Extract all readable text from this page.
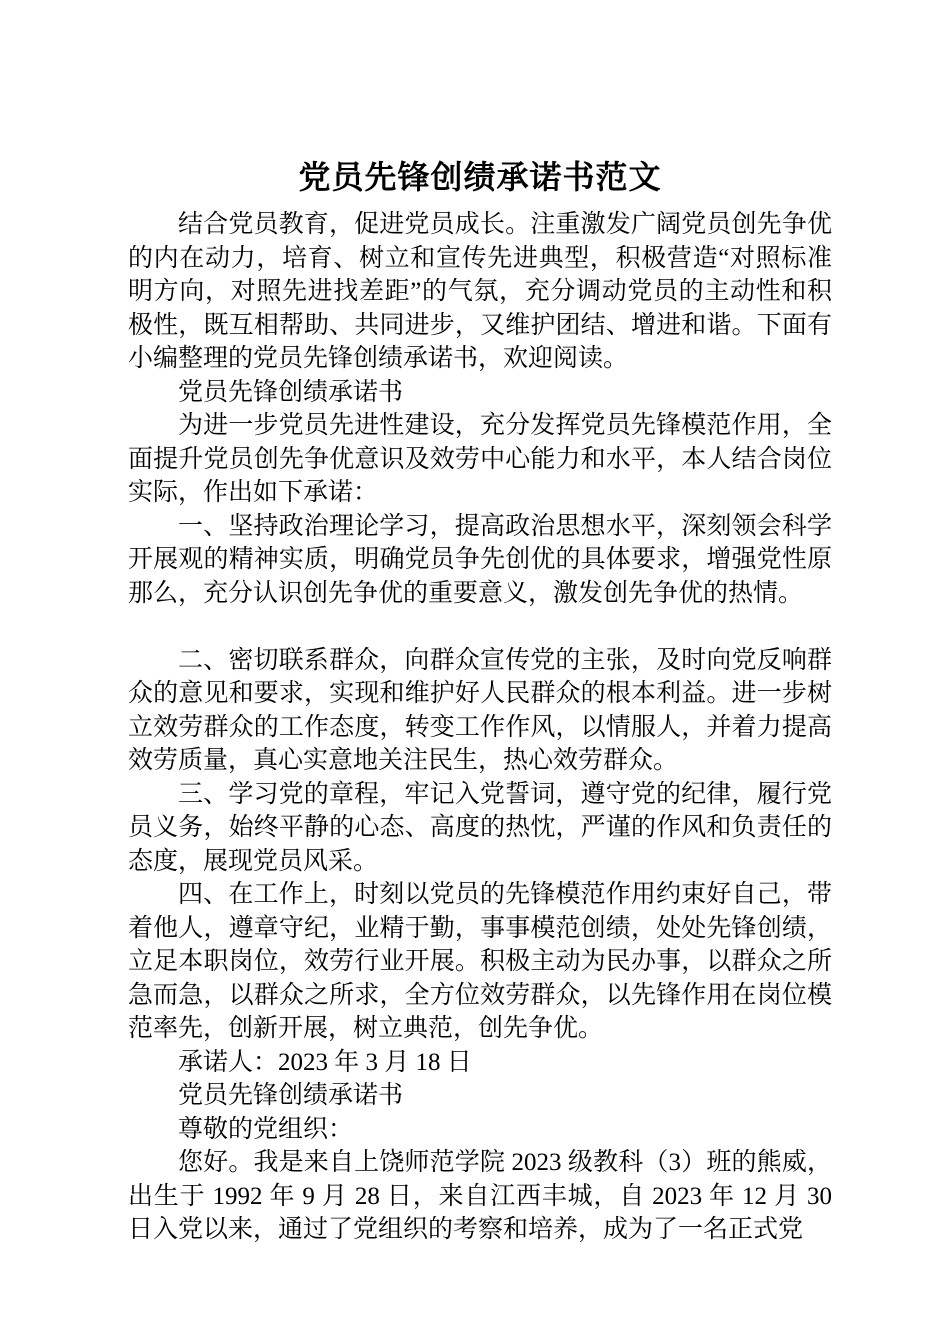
党员先锋创绩承诺书范文

结合党员教育，促进党员成长。注重激发广阔党员创先争优的内在动力，培育、树立和宣传先进典型，积极营造“对照标准明方向，对照先进找差距”的气氛，充分调动党员的主动性和积极性，既互相帮助、共同进步，又维护团结、增进和谐。下面有小编整理的党员先锋创绩承诺书，欢迎阅读。

党员先锋创绩承诺书

为进一步党员先进性建设，充分发挥党员先锋模范作用，全面提升党员创先争优意识及效劳中心能力和水平，本人结合岗位实际，作出如下承诺：

一、坚持政治理论学习，提高政治思想水平，深刻领会科学开展观的精神实质，明确党员争先创优的具体要求，增强党性原那么，充分认识创先争优的重要意义，激发创先争优的热情。

二、密切联系群众，向群众宣传党的主张，及时向党反响群众的意见和要求，实现和维护好人民群众的根本利益。进一步树立效劳群众的工作态度，转变工作作风，以情服人，并着力提高效劳质量，真心实意地关注民生，热心效劳群众。

三、学习党的章程，牢记入党誓词，遵守党的纪律，履行党员义务，始终平静的心态、高度的热忱，严谨的作风和负责任的态度，展现党员风采。

四、在工作上，时刻以党员的先锋模范作用约束好自己，带着他人，遵章守纪，业精于勤，事事模范创绩，处处先锋创绩，立足本职岗位，效劳行业开展。积极主动为民办事，以群众之所急而急，以群众之所求，全方位效劳群众，以先锋作用在岗位模范率先，创新开展，树立典范，创先争优。

承诺人：2023 年 3 月 18 日

党员先锋创绩承诺书

尊敬的党组织：

您好。我是来自上饶师范学院 2023 级教科（3）班的熊威，出生于 1992 年 9 月 28 日，来自江西丰城，自 2023 年 12 月 30 日入党以来，通过了党组织的考察和培养，成为了一名正式党
